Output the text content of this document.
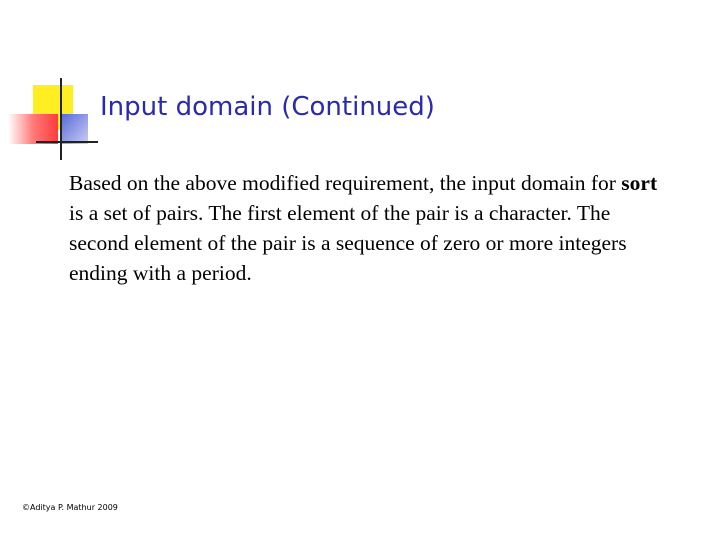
Input domain (Continued)

Based on the above modified requirement, the input domain for sort is a set of pairs. The first element of the pair is a character. The second element of the pair is a sequence of zero or more integers ending with a period.

©Aditya P. Mathur 2009
